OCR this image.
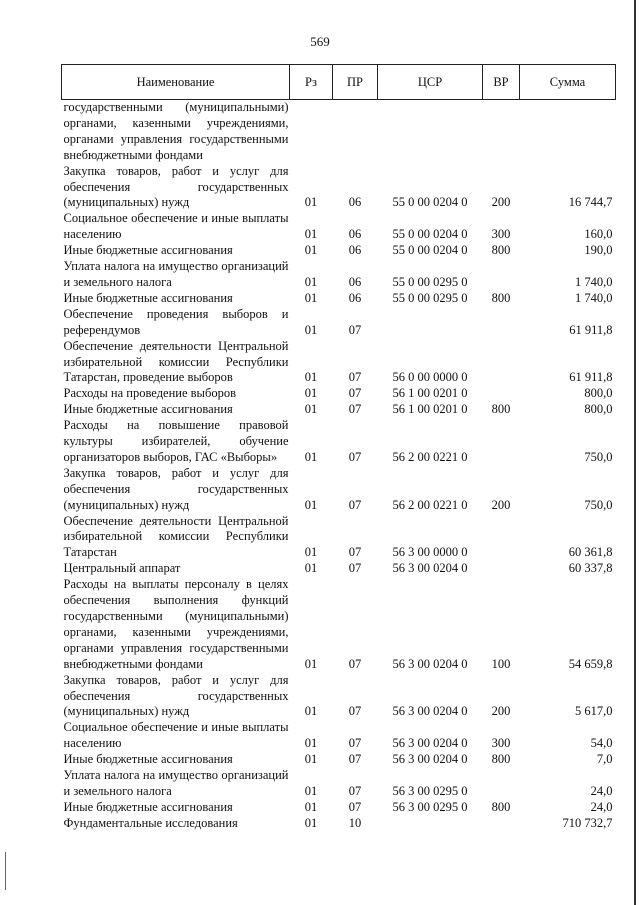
569
Наименование	Рз	ПР	ЦСР	ВР	Сумма
государственными (муниципальными) органами, казенными учреждениями, органами управления государственными внебюджетными фондами					
Закупка товаров, работ и услуг для обеспечения государственных (муниципальных) нужд	01	06	55 0 00 0204 0	200	16 744,7
Социальное обеспечение и иные выплаты населению	01	06	55 0 00 0204 0	300	160,0
Иные бюджетные ассигнования	01	06	55 0 00 0204 0	800	190,0
Уплата налога на имущество организаций и земельного налога	01	06	55 0 00 0295 0		1 740,0
Иные бюджетные ассигнования	01	06	55 0 00 0295 0	800	1 740,0
Обеспечение проведения выборов и референдумов	01	07			61 911,8
Обеспечение деятельности Центральной избирательной комиссии Республики Татарстан, проведение выборов	01	07	56 0 00 0000 0		61 911,8
Расходы на проведение выборов	01	07	56 1 00 0201 0		800,0
Иные бюджетные ассигнования	01	07	56 1 00 0201 0	800	800,0
Расходы на повышение правовой культуры избирателей, обучение организаторов выборов, ГАС «Выборы»	01	07	56 2 00 0221 0		750,0
Закупка товаров, работ и услуг для обеспечения государственных (муниципальных) нужд	01	07	56 2 00 0221 0	200	750,0
Обеспечение деятельности Центральной избирательной комиссии Республики Татарстан	01	07	56 3 00 0000 0		60 361,8
Центральный аппарат	01	07	56 3 00 0204 0		60 337,8
Расходы на выплаты персоналу в целях обеспечения выполнения функций государственными (муниципальными) органами, казенными учреждениями, органами управления государственными внебюджетными фондами	01	07	56 3 00 0204 0	100	54 659,8
Закупка товаров, работ и услуг для обеспечения государственных (муниципальных) нужд	01	07	56 3 00 0204 0	200	5 617,0
Социальное обеспечение и иные выплаты населению	01	07	56 3 00 0204 0	300	54,0
Иные бюджетные ассигнования	01	07	56 3 00 0204 0	800	7,0
Уплата налога на имущество организаций и земельного налога	01	07	56 3 00 0295 0		24,0
Иные бюджетные ассигнования	01	07	56 3 00 0295 0	800	24,0
Фундаментальные исследования	01	10			710 732,7
